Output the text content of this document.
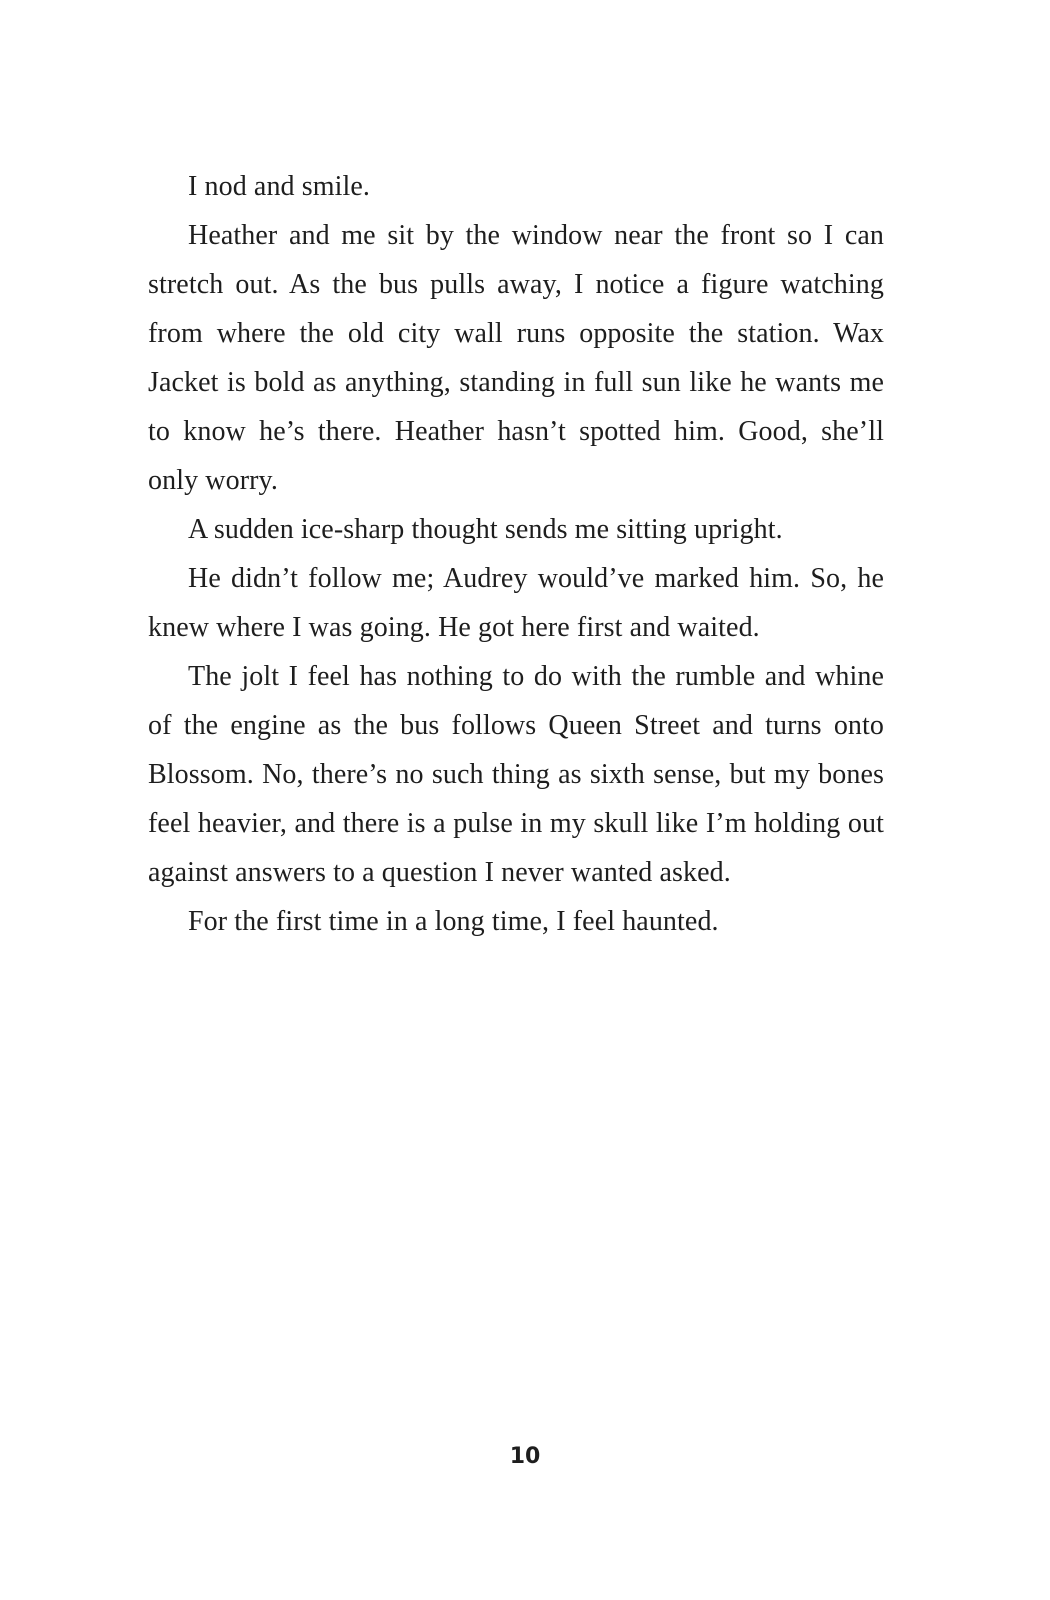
I nod and smile.

Heather and me sit by the window near the front so I can stretch out. As the bus pulls away, I notice a figure watching from where the old city wall runs opposite the station. Wax Jacket is bold as anything, standing in full sun like he wants me to know he’s there. Heather hasn’t spotted him. Good, she’ll only worry.

A sudden ice-sharp thought sends me sitting upright.

He didn’t follow me; Audrey would’ve marked him. So, he knew where I was going. He got here first and waited.

The jolt I feel has nothing to do with the rumble and whine of the engine as the bus follows Queen Street and turns onto Blossom. No, there’s no such thing as sixth sense, but my bones feel heavier, and there is a pulse in my skull like I’m holding out against answers to a question I never wanted asked.

For the first time in a long time, I feel haunted.

10
